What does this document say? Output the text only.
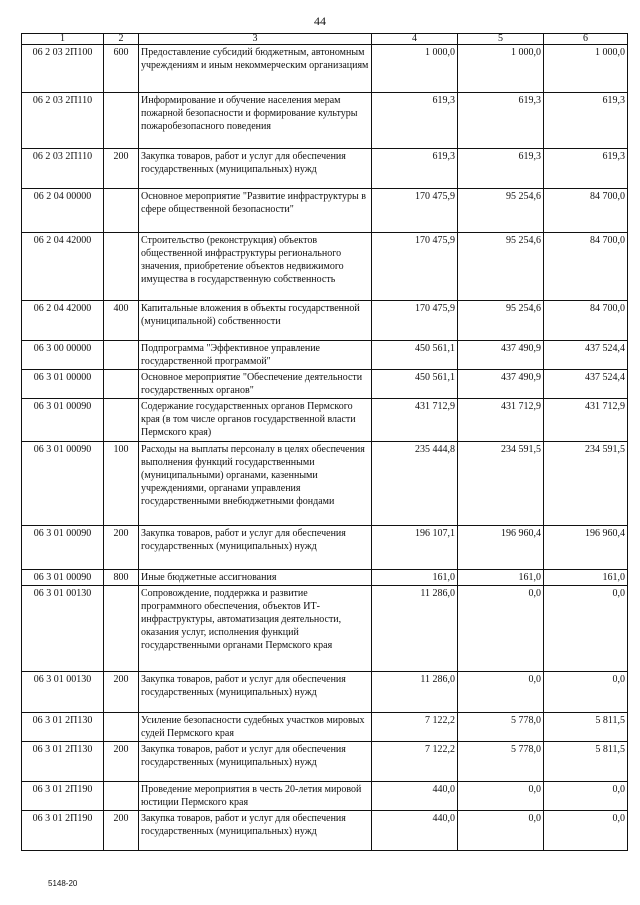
44
1	2	3	4	5	6
06 2 03 2П100	600	Предоставление субсидий бюджетным, автономным учреждениям и иным некоммерческим организациям	1 000,0	1 000,0	1 000,0
06 2 03 2П110		Информирование и обучение населения мерам пожарной безопасности и формирование культуры пожаробезопасного поведения	619,3	619,3	619,3
06 2 03 2П110	200	Закупка товаров, работ и услуг для обеспечения государственных (муниципальных) нужд	619,3	619,3	619,3
06 2 04 00000		Основное мероприятие "Развитие инфраструктуры в сфере общественной безопасности"	170 475,9	95 254,6	84 700,0
06 2 04 42000		Строительство (реконструкция) объектов общественной инфраструктуры регионального значения, приобретение объектов недвижимого имущества в государственную собственность	170 475,9	95 254,6	84 700,0
06 2 04 42000	400	Капитальные вложения в объекты государственной (муниципальной) собственности	170 475,9	95 254,6	84 700,0
06 3 00 00000		Подпрограмма "Эффективное управление государственной программой"	450 561,1	437 490,9	437 524,4
06 3 01 00000		Основное мероприятие "Обеспечение деятельности государственных органов"	450 561,1	437 490,9	437 524,4
06 3 01 00090		Содержание государственных органов Пермского края (в том числе органов государственной власти Пермского края)	431 712,9	431 712,9	431 712,9
06 3 01 00090	100	Расходы на выплаты персоналу в целях обеспечения выполнения функций государственными (муниципальными) органами, казенными учреждениями, органами управления государственными внебюджетными фондами	235 444,8	234 591,5	234 591,5
06 3 01 00090	200	Закупка товаров, работ и услуг для обеспечения государственных (муниципальных) нужд	196 107,1	196 960,4	196 960,4
06 3 01 00090	800	Иные бюджетные ассигнования	161,0	161,0	161,0
06 3 01 00130		Сопровождение, поддержка и развитие программного обеспечения, объектов ИТ-инфраструктуры, автоматизация деятельности, оказания услуг, исполнения функций государственными органами Пермского края	11 286,0	0,0	0,0
06 3 01 00130	200	Закупка товаров, работ и услуг для обеспечения государственных (муниципальных) нужд	11 286,0	0,0	0,0
06 3 01 2П130		Усиление безопасности судебных участков мировых судей Пермского края	7 122,2	5 778,0	5 811,5
06 3 01 2П130	200	Закупка товаров, работ и услуг для обеспечения государственных (муниципальных) нужд	7 122,2	5 778,0	5 811,5
06 3 01 2П190		Проведение мероприятия в честь 20-летия мировой юстиции Пермского края	440,0	0,0	0,0
06 3 01 2П190	200	Закупка товаров, работ и услуг для обеспечения государственных (муниципальных) нужд	440,0	0,0	0,0
5148-20
